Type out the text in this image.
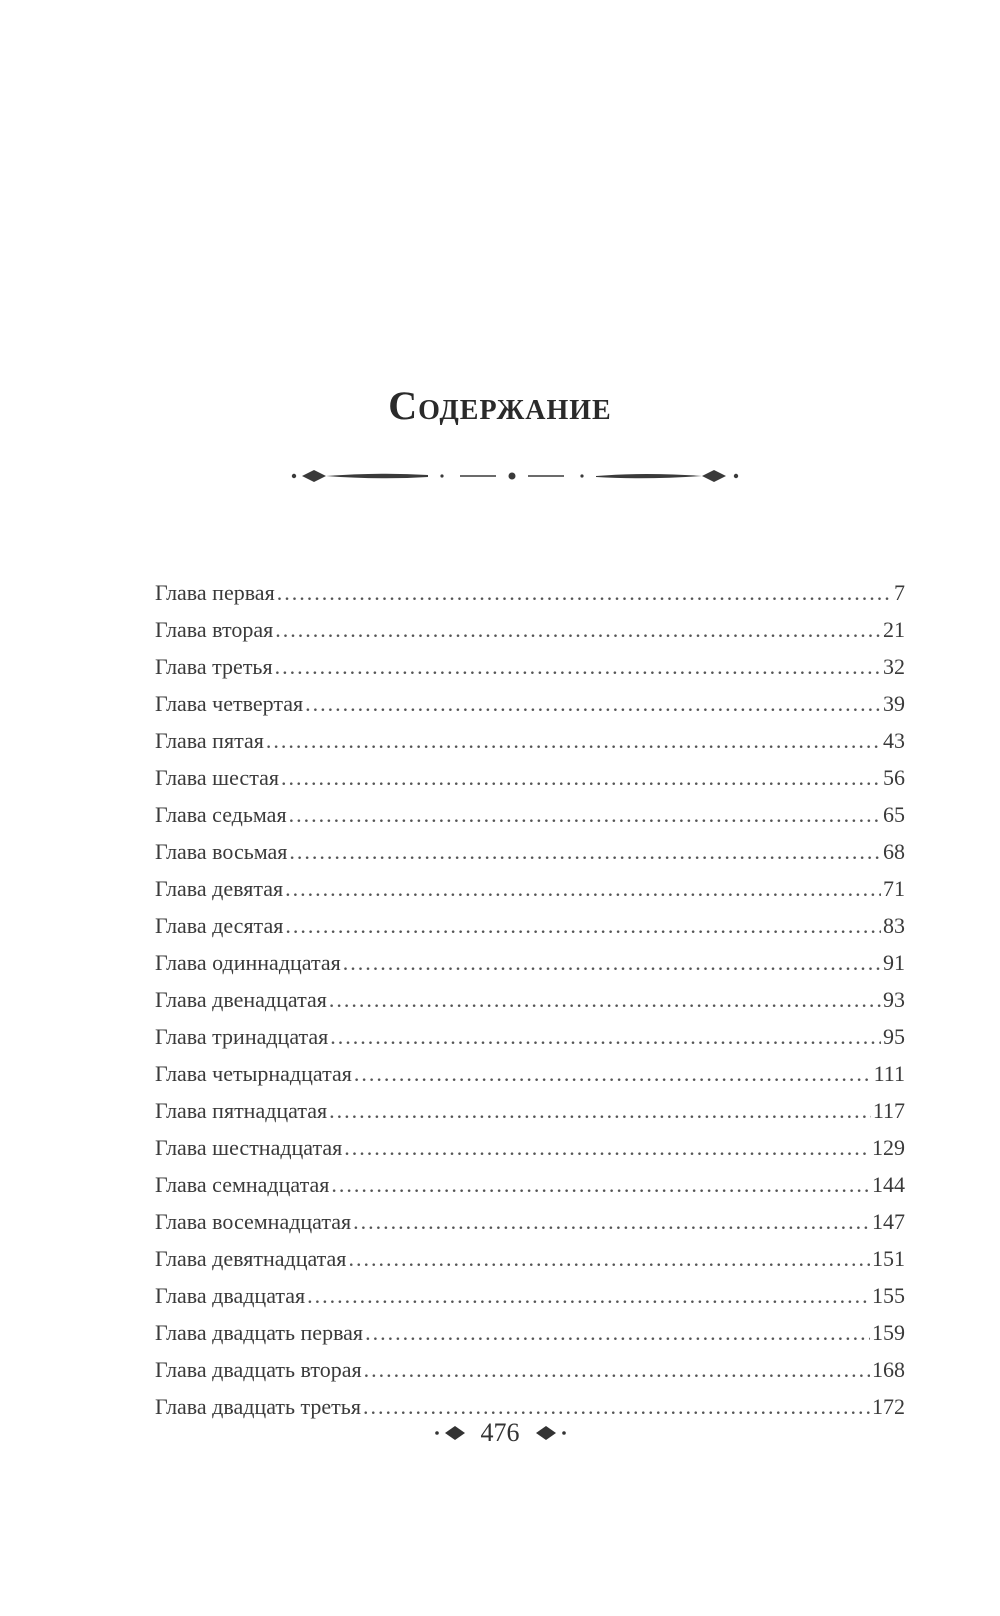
Содержание
Глава первая .....	7
Глава вторая .....	21
Глава третья .....	32
Глава четвертая .....	39
Глава пятая .....	43
Глава шестая .....	56
Глава седьмая .....	65
Глава восьмая .....	68
Глава девятая .....	71
Глава десятая .....	83
Глава одиннадцатая .....	91
Глава двенадцатая .....	93
Глава тринадцатая .....	95
Глава четырнадцатая .....	111
Глава пятнадцатая .....	117
Глава шестнадцатая .....	129
Глава семнадцатая .....	144
Глава восемнадцатая .....	147
Глава девятнадцатая .....	151
Глава двадцатая .....	155
Глава двадцать первая .....	159
Глава двадцать вторая .....	168
Глава двадцать третья .....	172
476
